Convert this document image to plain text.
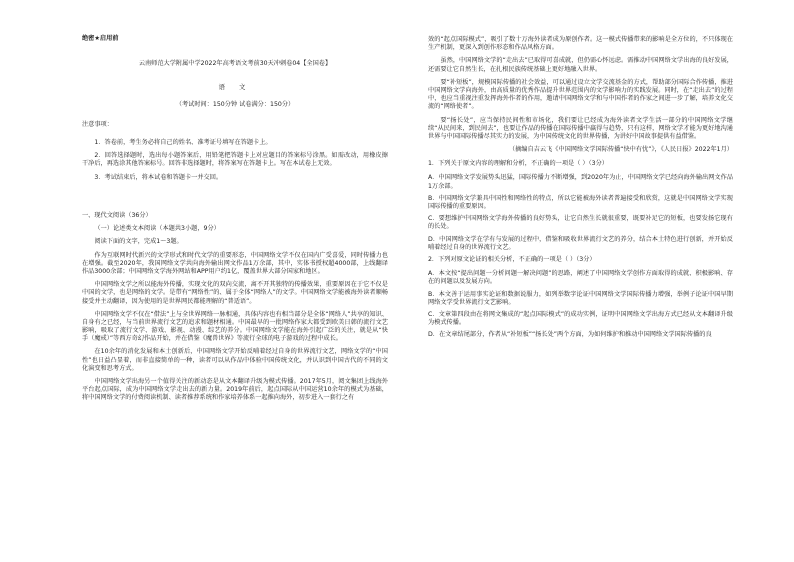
绝密★启用前
云南师范大学附属中学2022年高考语文考前30天冲刺卷04【全国卷】
语 文
（考试时间：150分钟 试卷满分：150分）
注意事项：

1．答卷前，考生务必将自己的姓名、准考证号填写在答题卡上。

2．回答选择题时，选出每小题答案后，用铅笔把答题卡上对应题目的答案标号涂黑。如需改动，用橡皮擦干净后，再选涂其他答案标号。回答非选择题时，将答案写在答题卡上。写在本试卷上无效。

3．考试结束后，将本试卷和答题卡一并交回。

一、现代文阅读（36分）

（一）论述类文本阅读（本题共3小题，9分）

阅读下面的文字，完成1～3题。

作为互联网时代新兴的文学形式和时代文学的重要形态，中国网络文学不仅在国内广受喜爱，同时传播力也在增强。截至2020年，我国网络文学共向海外输出网文作品1万余部，其中，实体书授权超4000部，上线翻译作品3000余部；中国网络文学海外网站和APP用户约1亿，覆盖世界大部分国家和地区。

中国网络文学之所以能海外传播，实现文化的双向交流，离不开其独特的传播效果，重要原因在于它不仅是中国的文学，也是网络的文学。是带有“网络性”的、属于全体“网络人”的文学。中国网络文学能被海外读者顺畅接受并主动翻译，因为使用的是世界网民都能理解的“普适语”。

中国网络文学不仅在“借法”上与全世界网络一脉相通，具体内容也有相当部分是全体“网络人”共享的知识、自身有之已经，与当前世界流行文艺的追求和题材相通。中国最早的一批网络作家大都受到欧美日韩的流行文艺影响，吸取了流行文学、游戏、影视、动漫、综艺的养分。中国网络文学能在海外引起广泛的关注，就是从“快手（魔戒）”等西方奇幻作品开始，并在借鉴《魔兽世界》等流行全球的电子游戏的过程中成长。

在10余年的消化发展和本土创新后，中国网络文学开始反哺着经过自身的世界流行文艺，网络文学的“中国性”也日益凸显着，而非直接简单的一种，读者可以从作品中体验中国传统文化，并认识到中国古代的不同的文化演变和思考方式。

中国网络文学出海另一个值得关注的新动态是从文本翻译升级为模式传播。2017年5月，阅文集团上线海外平台起点国际，成为中国网络文学走出去的新力量。2019年前后，起点国际从中国运营10余年的模式为基础，将中国网络文学的付费阅读机制、读者推荐系统和作家培养体系一起推向海外，初步进入一套行之有

效的“起点国际模式”，吸引了数十万海外读者成为原创作者。这一模式传播带来的影响是全方位的，不只体现在生产机制，更深入到创作形态和作品风格方面。

虽然，中国网络文学的“走出去”已取得可喜成就，但仍需心怀远虑。需推动中国网络文学出海的良好发展，还需要让它自然生长，在扎根民族传统基础上更好地融入世界。

要“补短板”，规模国际传播的社会效益，可以通过设立文学交流基金的方式，帮助部分国际合作传播，推进中国网络文学向海外，由高质量的优秀作品提升世界范围内的文学影响力的实践发展。同时，在“走出去”的过程中，也应当重视注重发挥海外作者的作用，邀请中国网络文学和与中国作者的作家之间进一步了解，培养文化交流的“网络使者”。

要“扬长处”，应当保持民间性和市场化，我们要让已经成为海外读者文学生活一部分的中国网络文学继续“从民间来，到民间去”，也要让作品的传播在国际传播中赢得与趋势，只有这样，网络文学才能为更好地沟通世界与中国国际传播尽其实力的发展，为中国传统文化的世界传播，为讲好中国故事提供有益借鉴。

（摘编自吉云飞《中国网络文学国际传播“快中有忧”》，《人民日报》2022年1月）

1．下列关于原文内容的理解和分析，不正确的一项是（ ）（3分）

A．中国网络文学发展势头迅猛，国际传播力不断增强，到2020年为止，中国网络文学已经向海外输出网文作品1万余部。

B．中国网络文学兼具中国性和网络性的特点，所以它能被海外读者普遍接受和欣赏，这就是中国网络文学实现国际传播的重要原因。

C．要想维护中国网络文学海外传播的良好势头，让它自然生长就很重要，既要补足它的短板，也要发扬它现有的长处。

D．中国网络文学在学有与发展的过程中，借鉴和吸收世界流行文艺的养分，结合本土特色进行创新，并开始反哺着经过自身的世界流行文艺。

2．下列对原文论证的相关分析，不正确的一项是（ ）（3分）

A．本文按“提出问题一分析问题一解决问题”的思路，阐述了中国网络文学创作方面取得的成就、积极影响、存在的问题以及发展方向。

B．本文善于运用事实论证和数据说服力，如列举数字论证中国网络文学国际传播力增强，举例子论证中国早期网络文学受世界流行文艺影响。

C．文章第四段由在将网文集成的“起点国际模式”的成功实例，证明中国网络文学出海方式已经从文本翻译升级为模式传播。

D．在文章结尾部分，作者从“补短板”“扬长处”两个方面，为如何维护和推动中国网络文学国际传播的良
